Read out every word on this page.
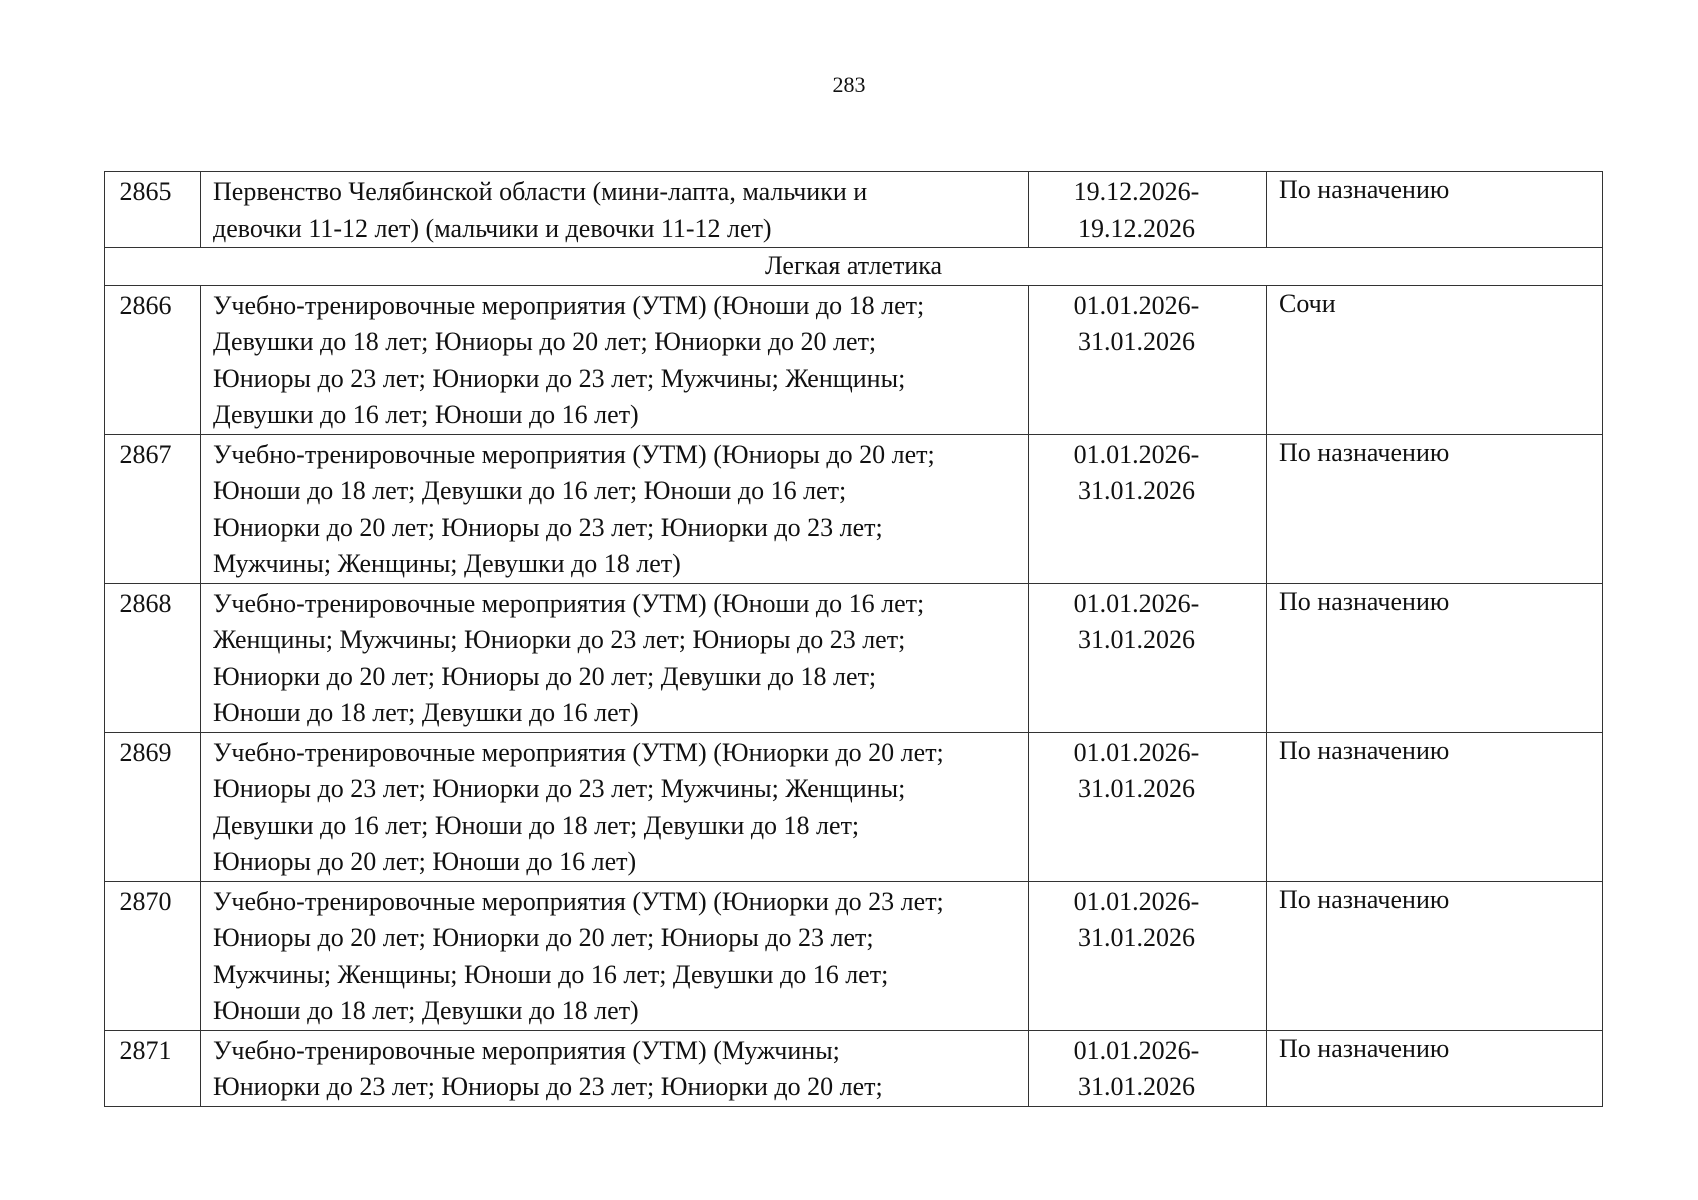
283
2865	Первенство Челябинской области (мини-лапта, мальчики и
девочки 11-12 лет) (мальчики и девочки 11-12 лет)	19.12.2026-
19.12.2026	По назначению
Легкая атлетика			
2866	Учебно-тренировочные мероприятия (УТМ) (Юноши до 18 лет;
Девушки до 18 лет; Юниоры до 20 лет; Юниорки до 20 лет;
Юниоры до 23 лет; Юниорки до 23 лет; Мужчины; Женщины;
Девушки до 16 лет; Юноши до 16 лет)	01.01.2026-
31.01.2026	Сочи
2867	Учебно-тренировочные мероприятия (УТМ) (Юниоры до 20 лет;
Юноши до 18 лет; Девушки до 16 лет; Юноши до 16 лет;
Юниорки до 20 лет; Юниоры до 23 лет; Юниорки до 23 лет;
Мужчины; Женщины; Девушки до 18 лет)	01.01.2026-
31.01.2026	По назначению
2868	Учебно-тренировочные мероприятия (УТМ) (Юноши до 16 лет;
Женщины; Мужчины; Юниорки до 23 лет; Юниоры до 23 лет;
Юниорки до 20 лет; Юниоры до 20 лет; Девушки до 18 лет;
Юноши до 18 лет; Девушки до 16 лет)	01.01.2026-
31.01.2026	По назначению
2869	Учебно-тренировочные мероприятия (УТМ) (Юниорки до 20 лет;
Юниоры до 23 лет; Юниорки до 23 лет; Мужчины; Женщины;
Девушки до 16 лет; Юноши до 18 лет; Девушки до 18 лет;
Юниоры до 20 лет; Юноши до 16 лет)	01.01.2026-
31.01.2026	По назначению
2870	Учебно-тренировочные мероприятия (УТМ) (Юниорки до 23 лет;
Юниоры до 20 лет; Юниорки до 20 лет; Юниоры до 23 лет;
Мужчины; Женщины; Юноши до 16 лет; Девушки до 16 лет;
Юноши до 18 лет; Девушки до 18 лет)	01.01.2026-
31.01.2026	По назначению
2871	Учебно-тренировочные мероприятия (УТМ) (Мужчины;
Юниорки до 23 лет; Юниоры до 23 лет; Юниорки до 20 лет;	01.01.2026-
31.01.2026	По назначению
